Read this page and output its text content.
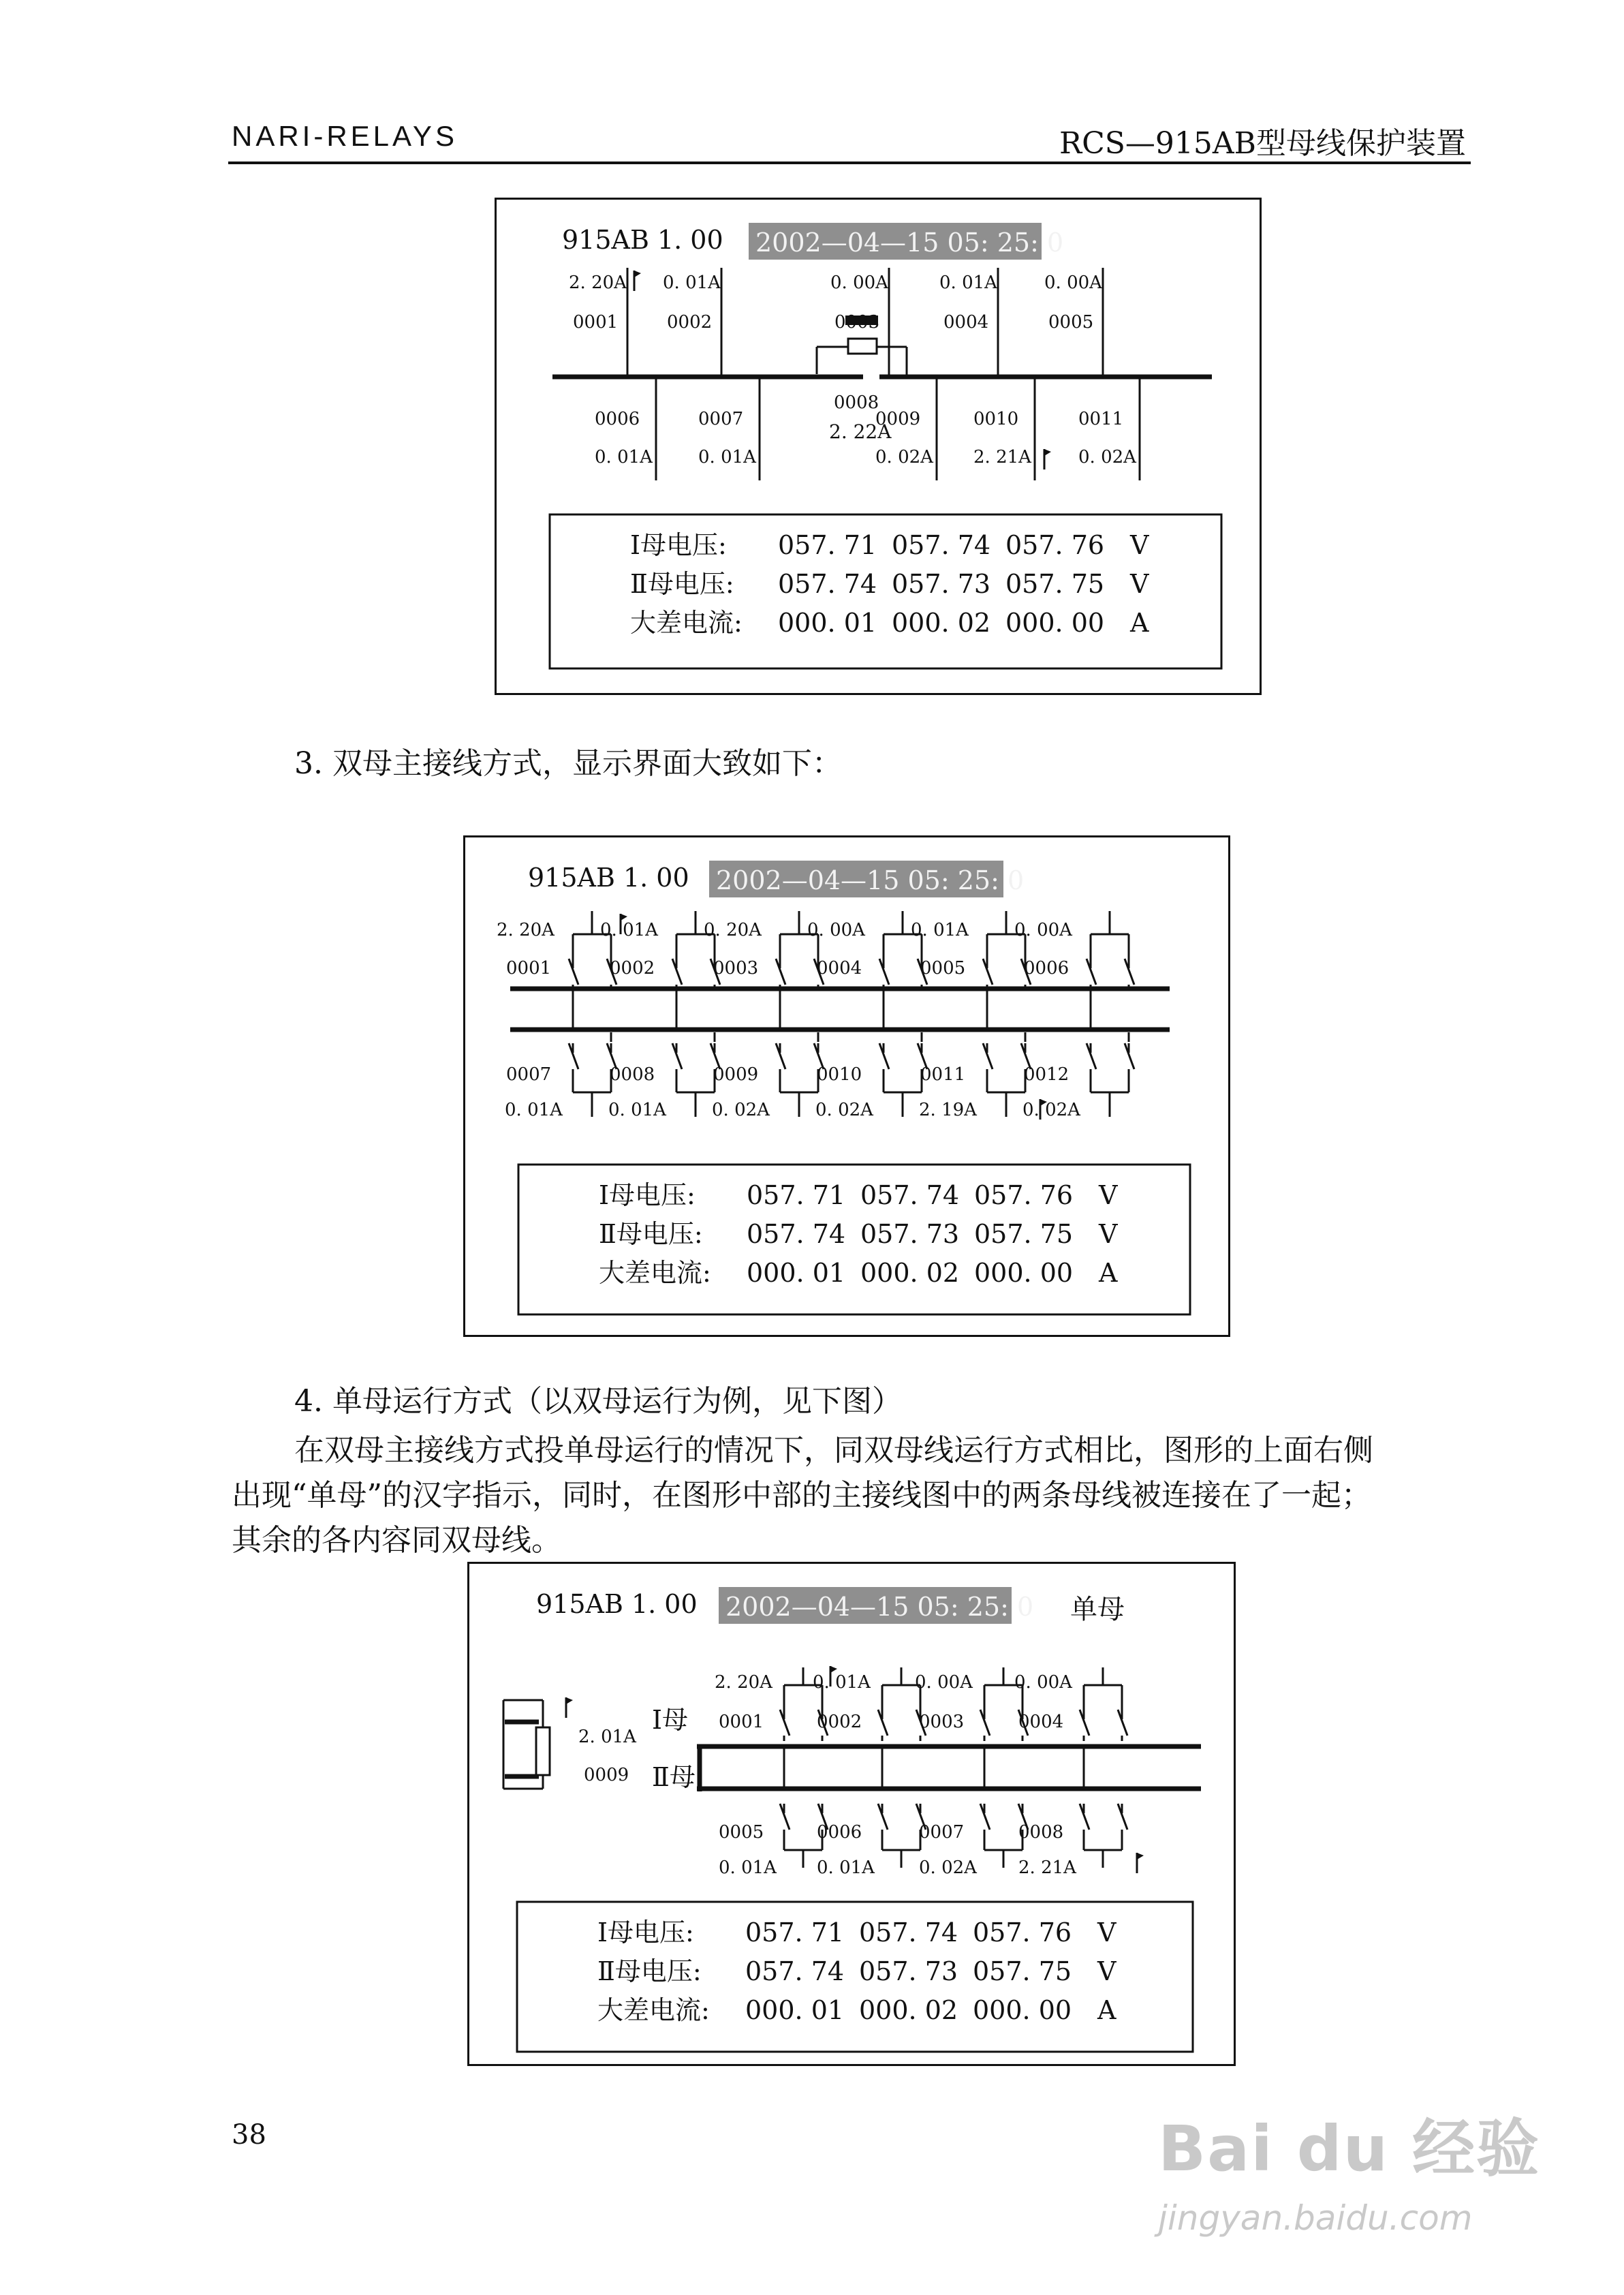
NARI-RELAYS	RCS—915AB型母线保护装置
915AB 1. 00 2002—04—15 05: 25: 0
0008
2. 22A
2. 20A
0001
0. 01A
0002
0. 00A
0003
0. 01A
0004
0. 00A
0005
0006
0. 01A
0007
0. 01A
0009
0. 02A
0010
2. 21A
0011
0. 02A
Ⅰ母电压: 057. 71 057. 74 057. 76 V
Ⅱ母电压: 057. 74 057. 73 057. 75 V
大差电流: 000. 01 000. 02 000. 00 A
3. 双母主接线方式，显示界面大致如下：
915AB 1. 00 2002—04—15 05: 25: 0
2. 20A
0001
0. 01A
0002
0. 20A
0003
0. 00A
0004
0. 01A
0005
0. 00A
0006
0007
0. 01A
0008
0. 01A
0009
0. 02A
0010
0. 02A
0011
2. 19A
0012
0. 02A
Ⅰ母电压: 057. 71 057. 74 057. 76 V
Ⅱ母电压: 057. 74 057. 73 057. 75 V
大差电流: 000. 01 000. 02 000. 00 A
4. 单母运行方式（以双母运行为例，见下图）
在双母主接线方式投单母运行的情况下，同双母线运行方式相比，图形的上面右侧
出现“单母”的汉字指示，同时，在图形中部的主接线图中的两条母线被连接在了一起；
其余的各内容同双母线。
915AB 1. 00 2002—04—15 05: 25: 0 单母
2. 01A
0009
Ⅰ母
Ⅱ母
2. 20A
0001
0. 01A
0002
0. 00A
0003
0. 00A
0004
0005
0. 01A
0006
0. 01A
0007
0. 02A
0008
2. 21A
Ⅰ母电压: 057. 71 057. 74 057. 76 V
Ⅱ母电压: 057. 74 057. 73 057. 75 V
大差电流: 000. 01 000. 02 000. 00 A
38	Bai du 经验
jingyan.baidu.com
